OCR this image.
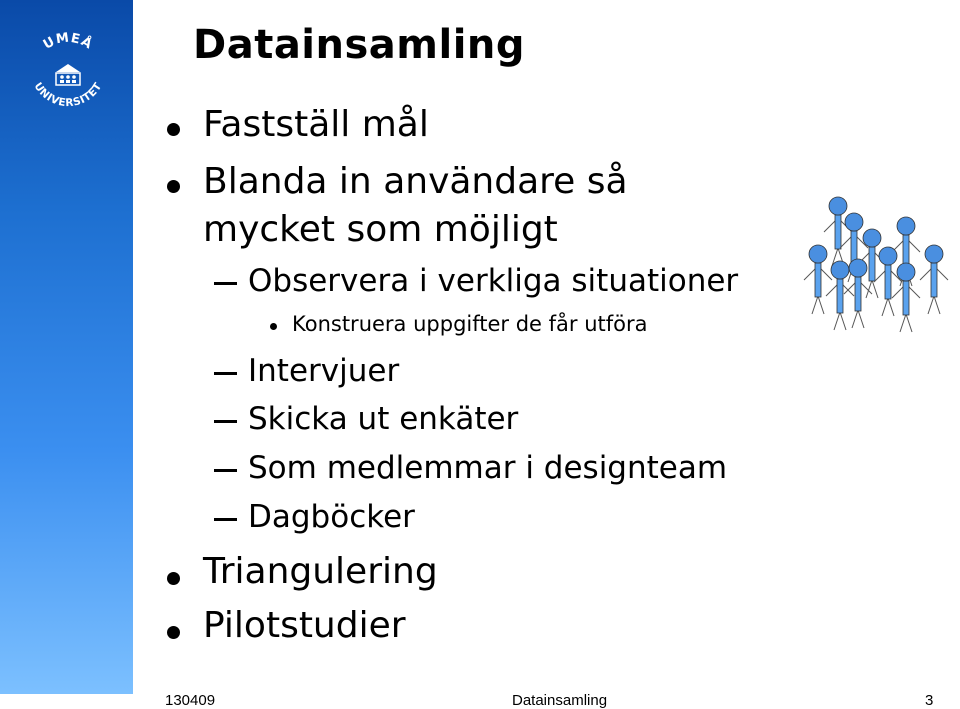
UMEÅ
UNIVERSITET
Datainsamling
Fastställ mål
Blanda in användare så
mycket som möjligt
Observera i verkliga situationer
Konstruera uppgifter de får utföra
Intervjuer
Skicka ut enkäter
Som medlemmar i designteam
Dagböcker
Triangulering
Pilotstudier
130409	Datainsamling	3
